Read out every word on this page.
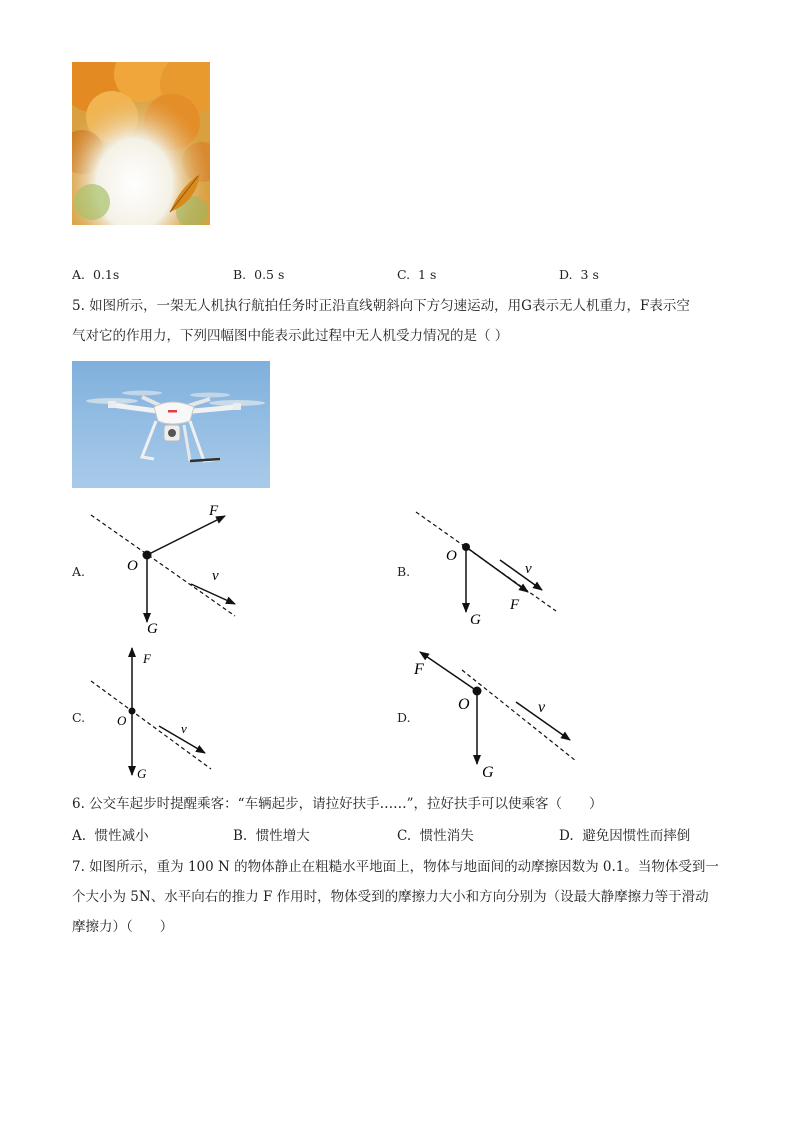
A. 0.1s	B. 0.5 s	C. 1 s	D. 3 s
5. 如图所示，一架无人机执行航拍任务时正沿直线朝斜向下方匀速运动，用G表示无人机重力，F表示空
气对它的作用力，下列四幅图中能表示此过程中无人机受力情况的是（ ）
A.	B.
C.	D.
F
O
G
v
O
G
F
v
F
O
G
v
F
O
G
v
6. 公交车起步时提醒乘客：“车辆起步，请拉好扶手……”，拉好扶手可以使乘客（　　）
A. 惯性减小	B. 惯性增大	C. 惯性消失	D. 避免因惯性而摔倒
7. 如图所示，重为 100 N 的物体静止在粗糙水平地面上，物体与地面间的动摩擦因数为 0.1。当物体受到一
个大小为 5N、水平向右的推力 F 作用时，物体受到的摩擦力大小和方向分别为（设最大静摩擦力等于滑动
摩擦力）（　　）
